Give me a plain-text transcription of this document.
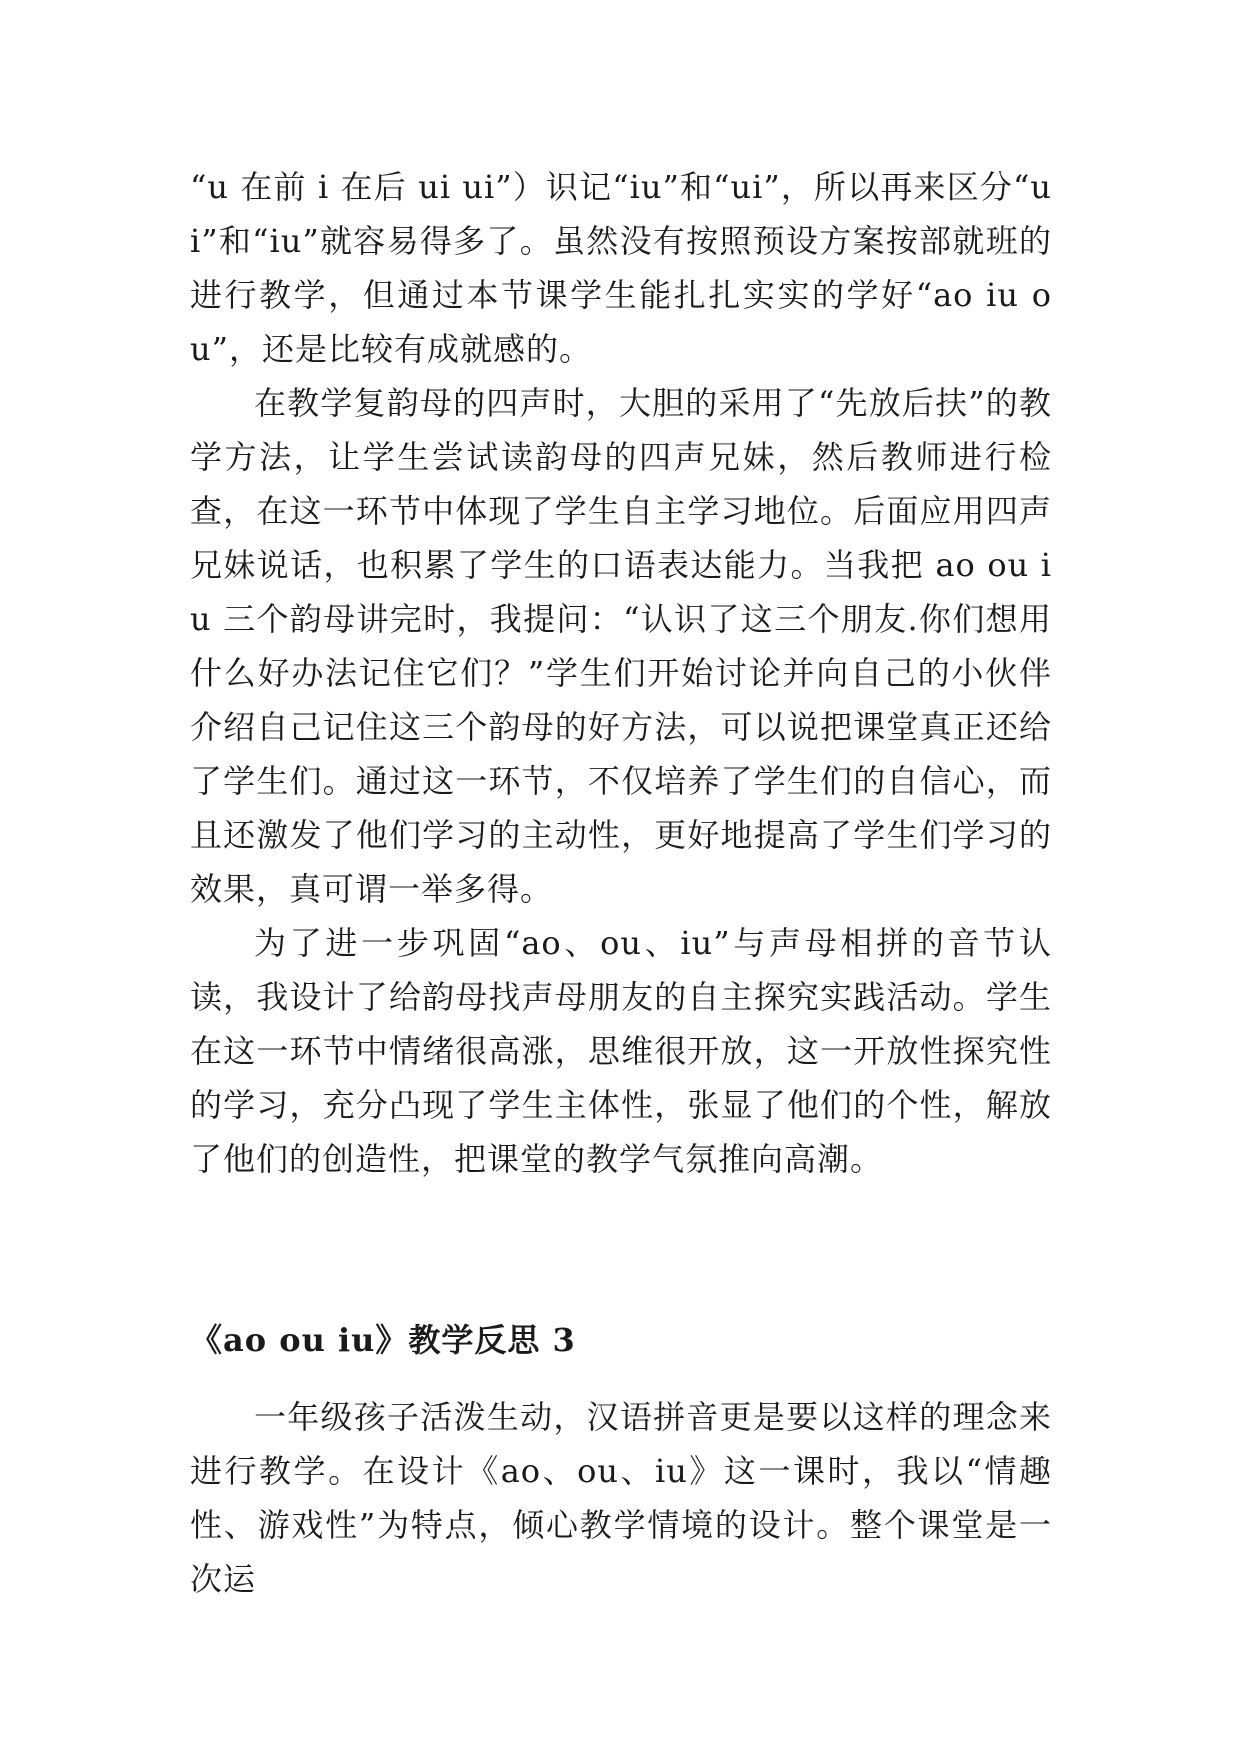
“u 在前 i 在后 ui ui”）识记“iu”和“ui”，所以再来区分“ui”和“iu”就容易得多了。虽然没有按照预设方案按部就班的进行教学，但通过本节课学生能扎扎实实的学好“ao iu ou”，还是比较有成就感的。

在教学复韵母的四声时，大胆的采用了“先放后扶”的教学方法，让学生尝试读韵母的四声兄妹，然后教师进行检查，在这一环节中体现了学生自主学习地位。后面应用四声兄妹说话，也积累了学生的口语表达能力。当我把 ao ou iu 三个韵母讲完时，我提问：“认识了这三个朋友.你们想用什么好办法记住它们？”学生们开始讨论并向自己的小伙伴介绍自己记住这三个韵母的好方法，可以说把课堂真正还给了学生们。通过这一环节，不仅培养了学生们的自信心，而且还激发了他们学习的主动性，更好地提高了学生们学习的效果，真可谓一举多得。

为了进一步巩固“ao、ou、iu”与声母相拼的音节认读，我设计了给韵母找声母朋友的自主探究实践活动。学生在这一环节中情绪很高涨，思维很开放，这一开放性探究性的学习，充分凸现了学生主体性，张显了他们的个性，解放了他们的创造性，把课堂的教学气氛推向高潮。

《ao ou iu》教学反思 3

一年级孩子活泼生动，汉语拼音更是要以这样的理念来进行教学。在设计《ao、ou、iu》这一课时，我以“情趣性、游戏性”为特点，倾心教学情境的设计。整个课堂是一次运
